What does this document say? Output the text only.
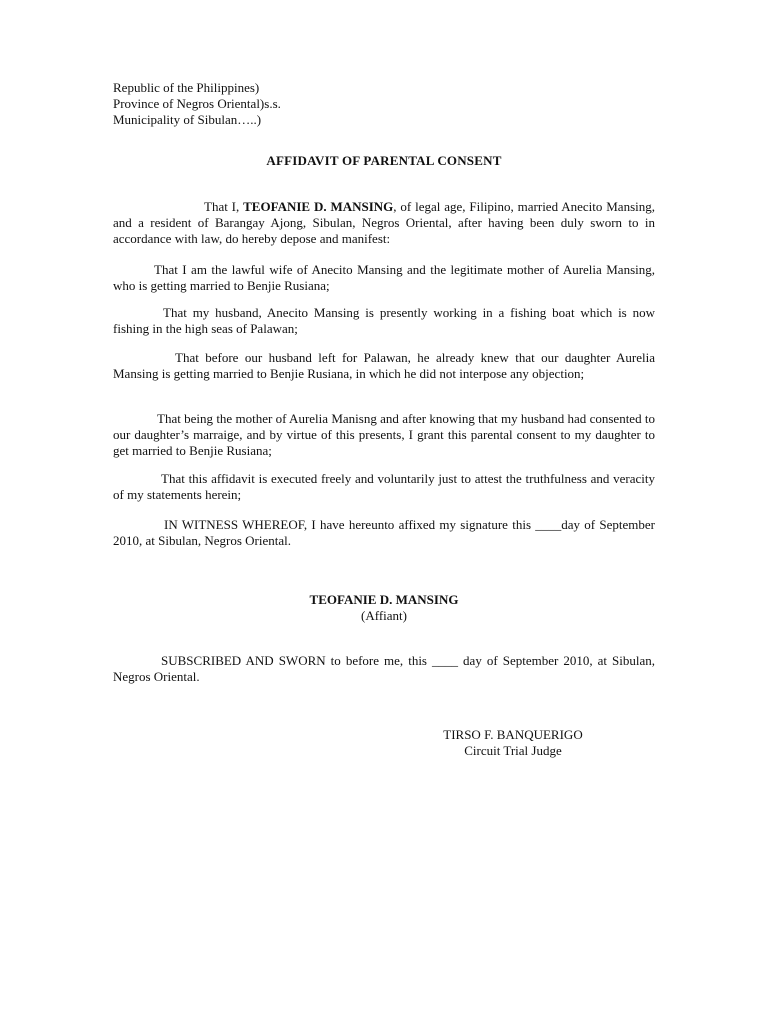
Republic of the Philippines)
Province of Negros Oriental)s.s.
Municipality of Sibulan…..)
AFFIDAVIT OF PARENTAL CONSENT
That I, TEOFANIE D. MANSING, of legal age, Filipino, married Anecito Mansing, and a resident of Barangay Ajong, Sibulan, Negros Oriental, after having been duly sworn to in accordance with law, do hereby depose and manifest:
That I am the lawful wife of Anecito Mansing and the legitimate mother of Aurelia Mansing, who is getting married to Benjie Rusiana;
That my husband, Anecito Mansing is presently working in a fishing boat which is now fishing in the high seas of Palawan;
That before our husband left for Palawan, he already knew that our daughter Aurelia Mansing is getting married to Benjie Rusiana, in which he did not interpose any objection;
That being the mother of Aurelia Manisng and after knowing that my husband had consented to our daughter’s marraige, and by virtue of this presents, I grant this parental consent to my daughter to get married to Benjie Rusiana;
That this affidavit is executed freely and voluntarily just to attest the truthfulness and veracity of my statements herein;
IN WITNESS WHEREOF, I have hereunto affixed my signature this ____day of September 2010, at Sibulan, Negros Oriental.
TEOFANIE D. MANSING
(Affiant)
SUBSCRIBED AND SWORN to before me, this ____ day of September 2010, at Sibulan, Negros Oriental.
TIRSO F. BANQUERIGO
Circuit Trial Judge
